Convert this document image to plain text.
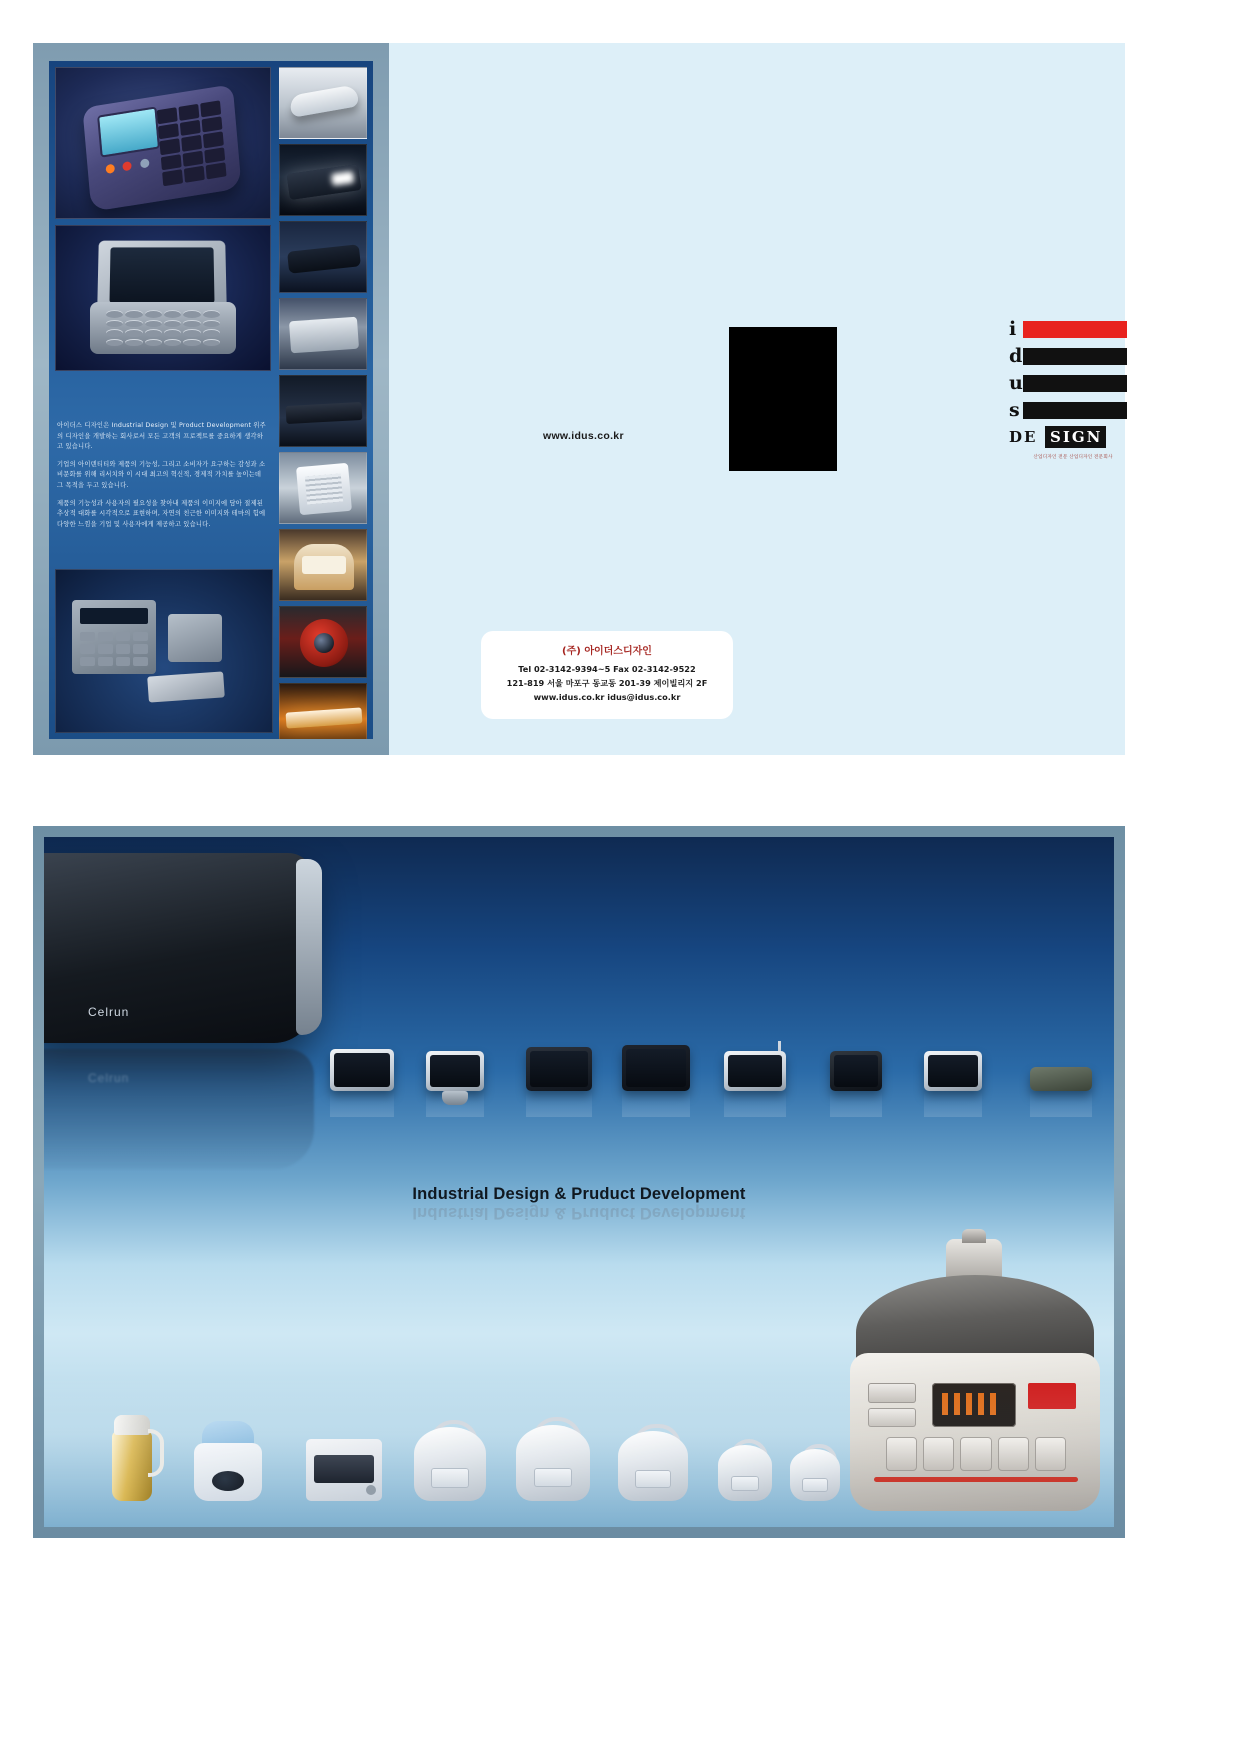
아이더스 디자인은 Industrial Design 및 Product Development 위주의 디자인을 개발하는 회사로서 모든 고객의 프로젝트를 중요하게 생각하고 있습니다.

기업의 아이덴티티와 제품의 기능성, 그리고 소비자가 요구하는 감성과 소비문화를 위해 리서치와 이 시대 최고의 혁신적, 경제적 가치를 높이는데 그 목적을 두고 있습니다.

제품의 기능성과 사용자의 필요성을 찾아내 제품의 이미지에 담아 절제된 추상적 대화를 시각적으로 표현하며, 자연의 친근한 이미지와 테마의 힘에 다양한 느낌을 기업 및 사용자에게 제공하고 있습니다.

www.idus.co.kr
i
d
u
s
DE SIGN
산업디자인 전문 산업디자인 전문회사
(주) 아이더스디자인
Tel 02-3142-9394~5 Fax 02-3142-9522
121-819 서울 마포구 동교동 201-39 제이빌리지 2F
www.idus.co.kr idus@idus.co.kr
Celrun
Celrun
Industrial Design & Pruduct Development
Industrial Design & Pruduct Development
